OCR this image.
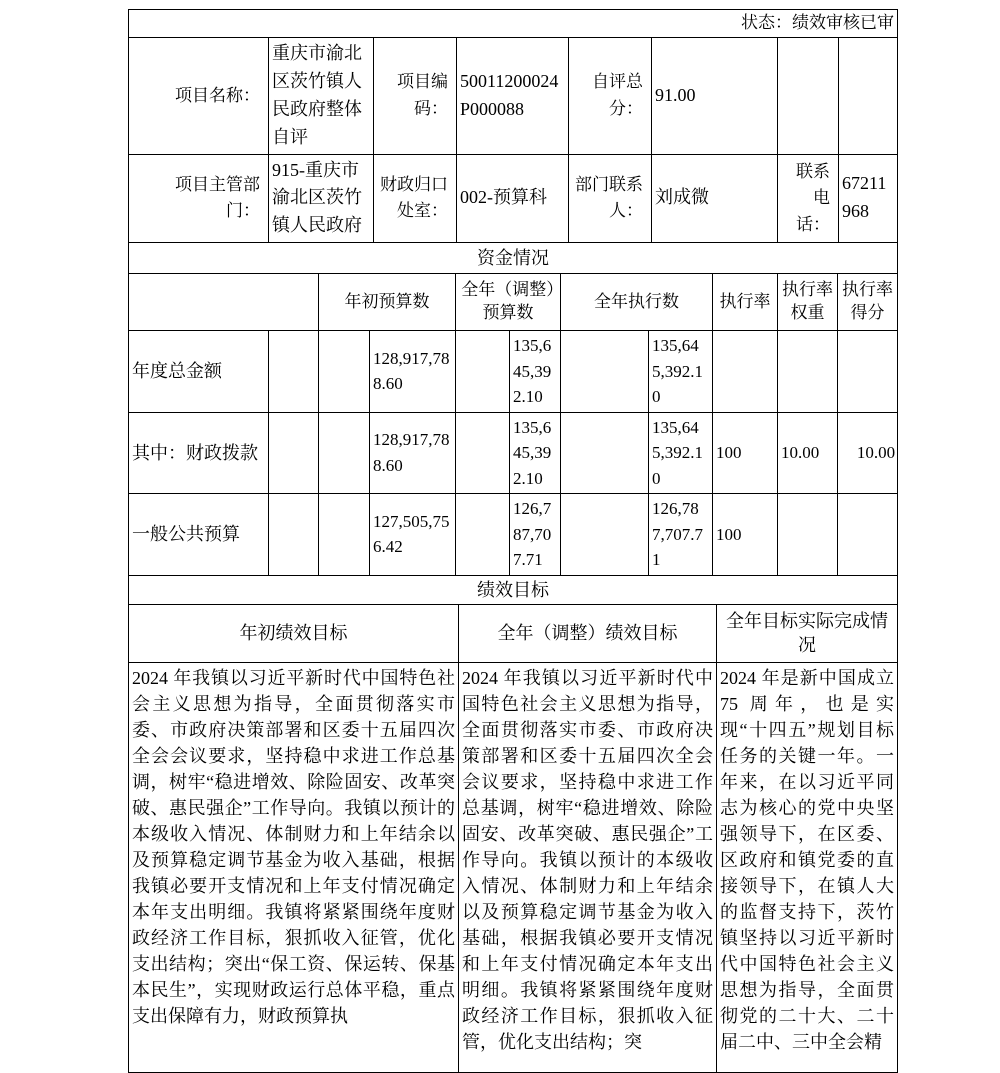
状态：绩效审核已审							

项目名称：	重庆市渝北区茨竹镇人民政府整体自评	项目编码：	50011200024P000088	自评总分：	91.00		

项目主管部门：	915-重庆市渝北区茨竹镇人民政府	财政归口处室：	002-预算科	部门联系人：	刘成微	联系电话：	67211968
资金情况										
		年初预算数		全年（调整）预算数		全年执行数		执行率	执行率权重	执行率得分
年度总金额			128,917,788.60		135,645,392.10		135,645,392.10			
其中：财政拨款			128,917,788.60		135,645,392.10		135,645,392.10	100	10.00	10.00
一般公共预算			127,505,756.42		126,787,707.71		126,787,707.71	100		
绩效目标		
年初绩效目标	全年（调整）绩效目标	全年目标实际完成情况

2024 年我镇以习近平新时代中国特色社会主义思想为指导，全面贯彻落实市委、市政府决策部署和区委十五届四次全会会议要求，坚持稳中求进工作总基调，树牢“稳进增效、除险固安、改革突破、惠民强企”工作导向。我镇以预计的本级收入情况、体制财力和上年结余以及预算稳定调节基金为收入基础，根据我镇必要开支情况和上年支付情况确定本年支出明细。我镇将紧紧围绕年度财政经济工作目标，狠抓收入征管，优化支出结构；突出“保工资、保运转、保基本民生”，实现财政运行总体平稳，重点支出保障有力，财政预算执	2024 年我镇以习近平新时代中国特色社会主义思想为指导，全面贯彻落实市委、市政府决策部署和区委十五届四次全会会议要求，坚持稳中求进工作总基调，树牢“稳进增效、除险固安、改革突破、惠民强企”工作导向。我镇以预计的本级收入情况、体制财力和上年结余以及预算稳定调节基金为收入基础，根据我镇必要开支情况和上年支付情况确定本年支出明细。我镇将紧紧围绕年度财政经济工作目标，狠抓收入征管，优化支出结构；突	2024 年是新中国成立 75 周年，也是实现“十四五”规划目标任务的关键一年。一年来，在以习近平同志为核心的党中央坚强领导下，在区委、区政府和镇党委的直接领导下，在镇人大的监督支持下，茨竹镇坚持以习近平新时代中国特色社会主义思想为指导，全面贯彻党的二十大、二十届二中、三中全会精
